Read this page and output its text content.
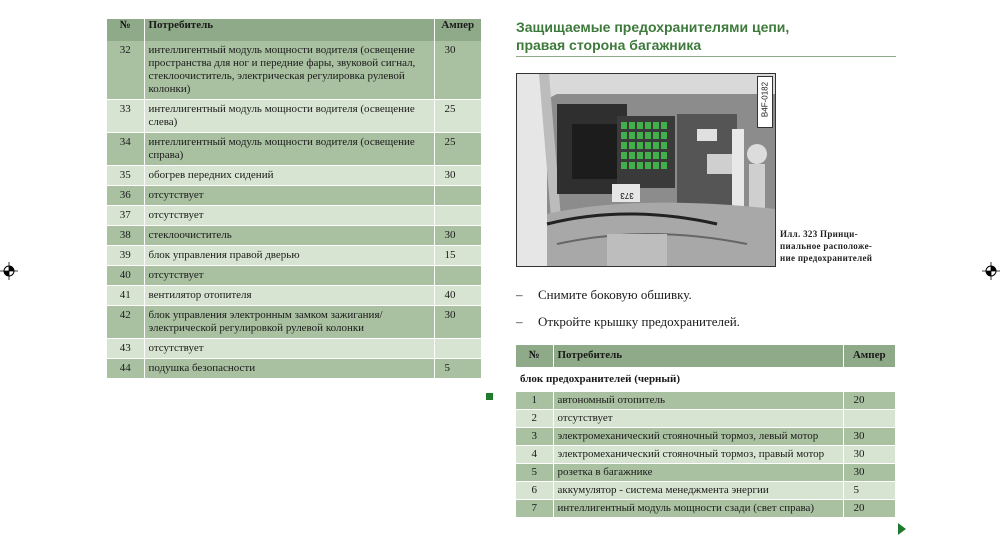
№	Потребитель	Ампер
32	интеллигентный модуль мощности водителя (освещение пространства для ног и передние фары, звуковой сигнал, стеклоочиститель, электрическая регулировка рулевой колонки)	30
33	интеллигентный модуль мощности водителя (освещение слева)	25
34	интеллигентный модуль мощности водителя (освещение справа)	25
35	обогрев передних сидений	30
36	отсутствует	
37	отсутствует	
38	стеклоочиститель	30
39	блок управления правой дверью	15
40	отсутствует	
41	вентилятор отопителя	40
42	блок управления электронным замком зажигания/ электрической регулировкой рулевой колонки	30
43	отсутствует	
44	подушка безопасности	5
Защищаемые предохранителями цепи,
правая сторона багажника
373
B4F-0182
Илл. 323 Принци-
пиальное расположе-
ние предохранителей
– Снимите боковую обшивку.
– Откройте крышку предохранителей.
№	Потребитель	Ампер
блок предохранителей (черный)		
1	автономный отопитель	20
2	отсутствует	
3	электромеханический стояночный тормоз, левый мотор	30
4	электромеханический стояночный тормоз, правый мотор	30
5	розетка в багажнике	30
6	аккумулятор - система менеджмента энергии	5
7	интеллигентный модуль мощности сзади (свет справа)	20
